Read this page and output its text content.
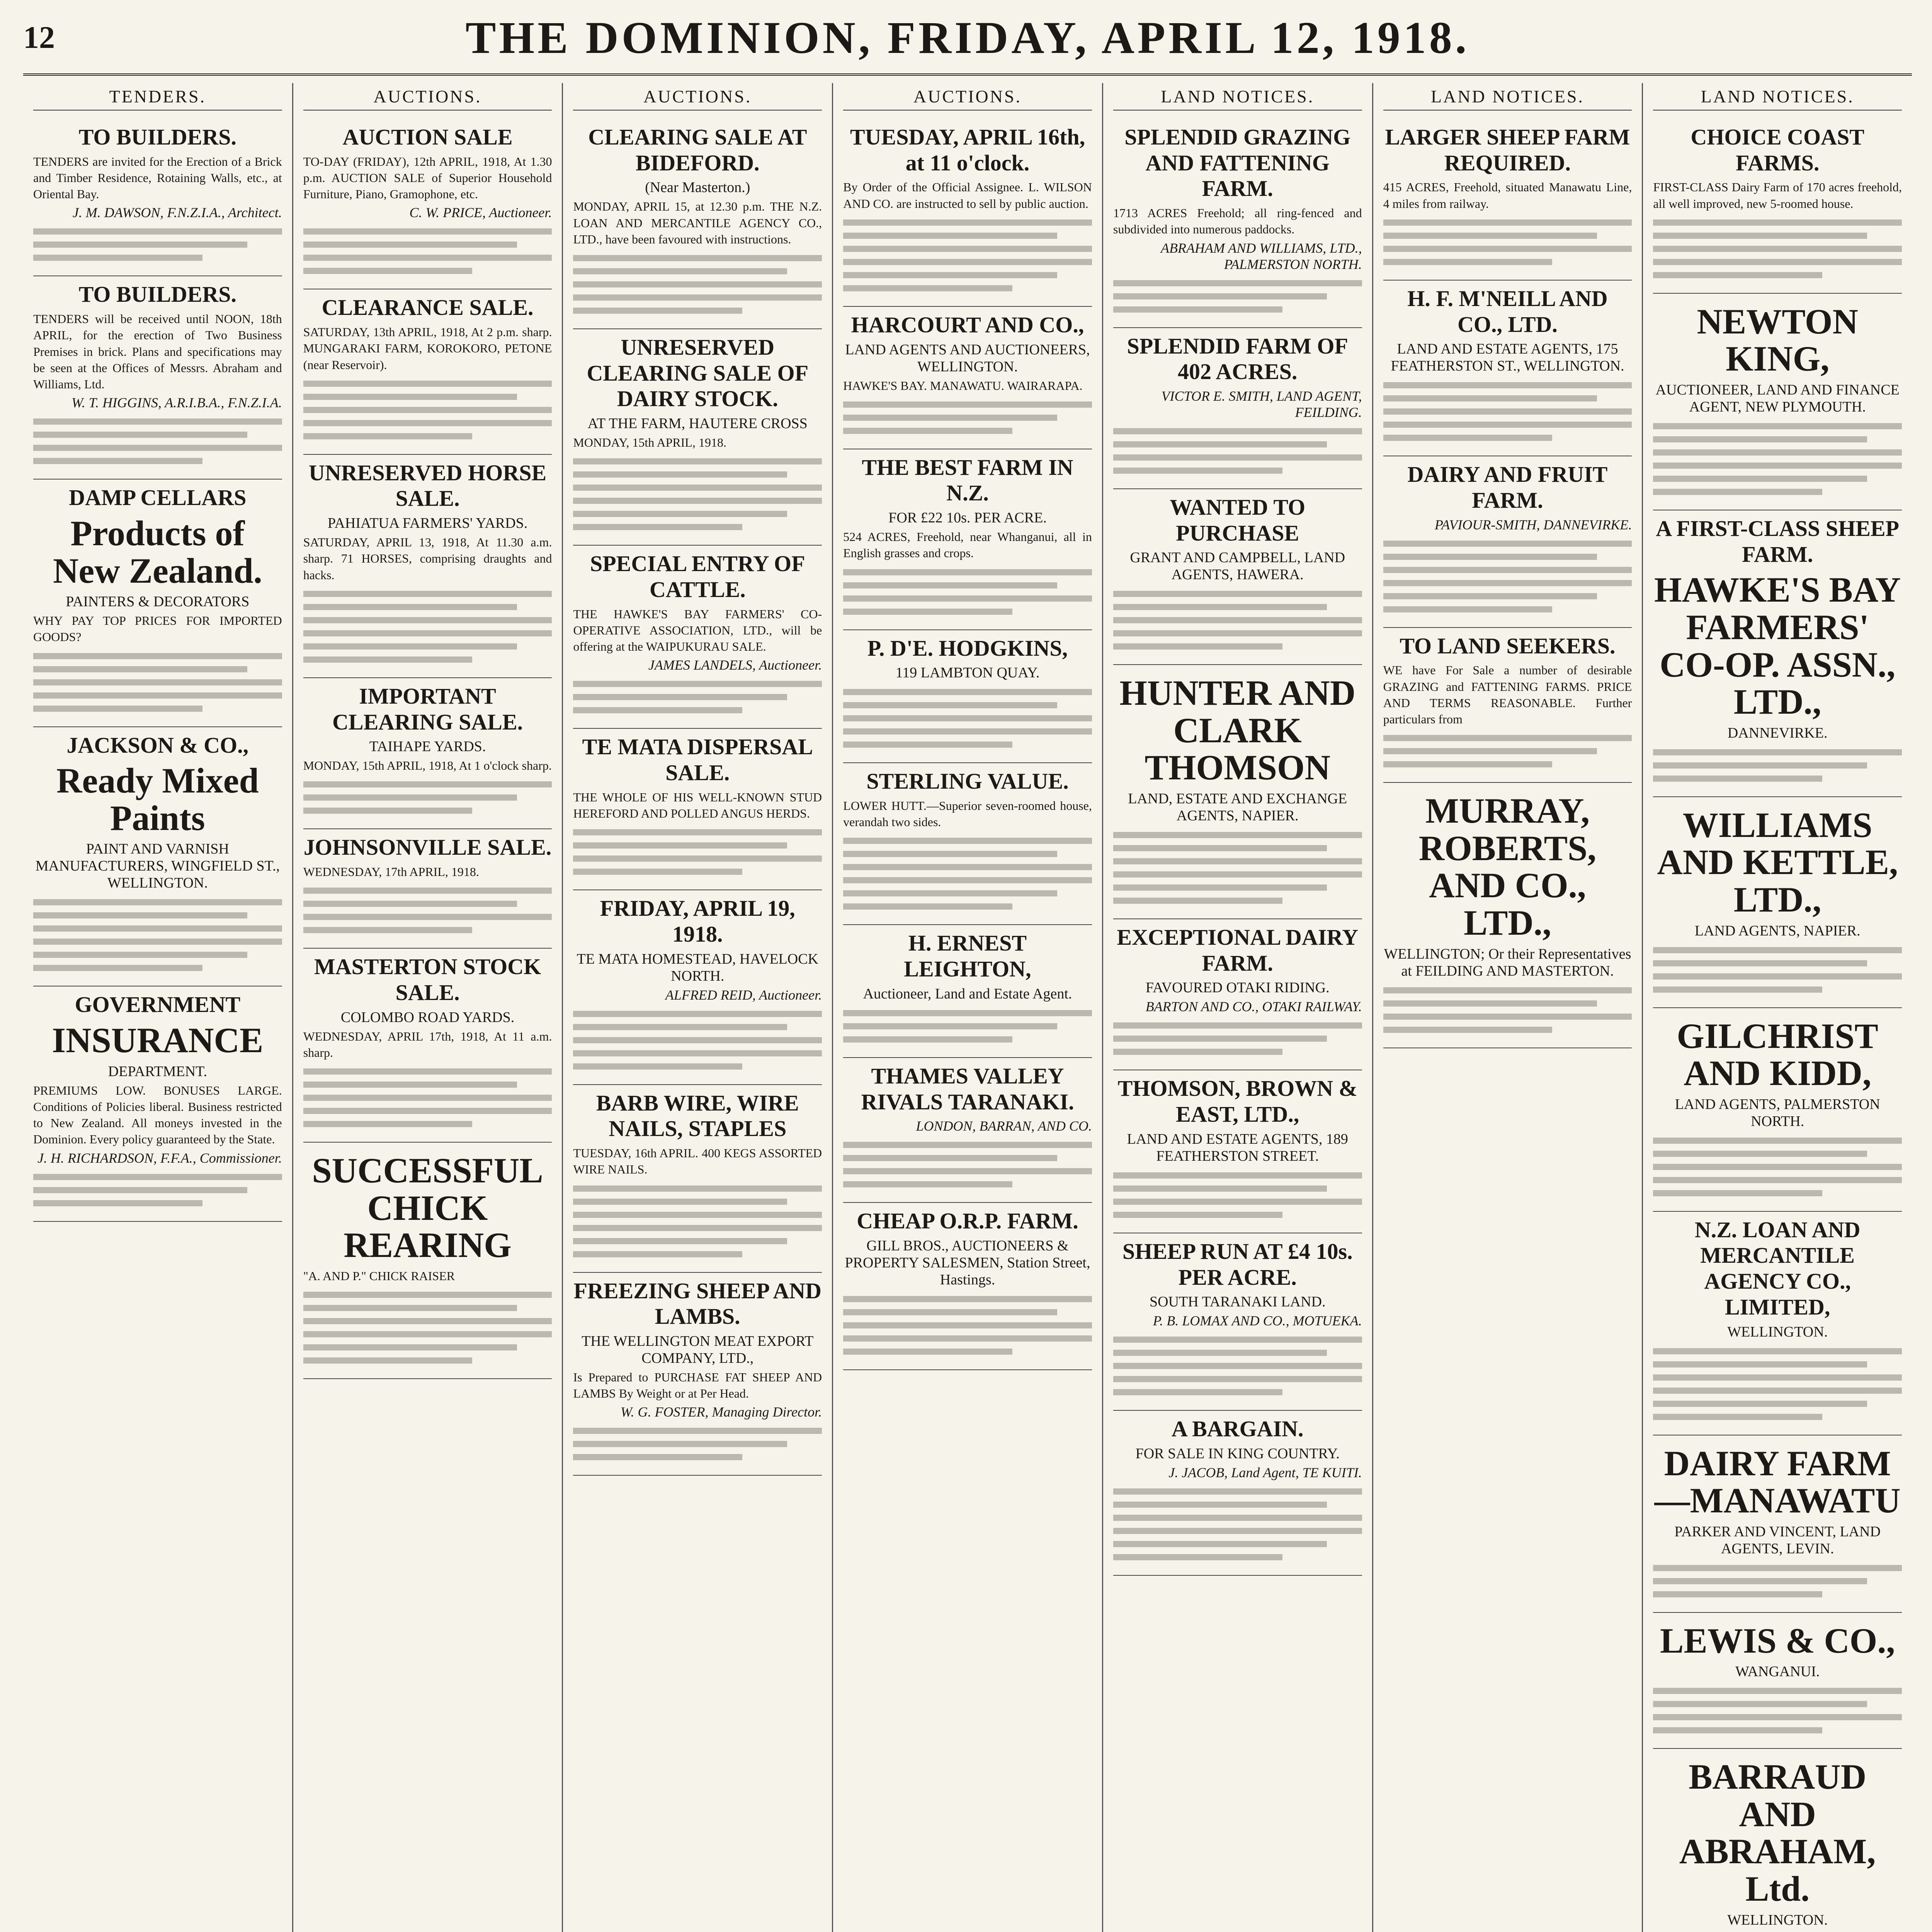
12	THE DOMINION, FRIDAY, APRIL 12, 1918.
TENDERS.
TO BUILDERS.
TENDERS are invited for the Erection of a Brick and Timber Residence, Rotaining Walls, etc., at Oriental Bay.
J. M. DAWSON, F.N.Z.I.A., Architect.
TO BUILDERS.
TENDERS will be received until NOON, 18th APRIL, for the erection of Two Business Premises in brick. Plans and specifications may be seen at the Offices of Messrs. Abraham and Williams, Ltd.
W. T. HIGGINS, A.R.I.B.A., F.N.Z.I.A.
DAMP CELLARS
Products of New Zealand.
PAINTERS & DECORATORS
WHY PAY TOP PRICES FOR IMPORTED GOODS?
JACKSON & CO.,
Ready Mixed Paints
PAINT AND VARNISH MANUFACTURERS, WINGFIELD ST., WELLINGTON.
GOVERNMENT
INSURANCE
DEPARTMENT.
PREMIUMS LOW. BONUSES LARGE. Conditions of Policies liberal. Business restricted to New Zealand. All moneys invested in the Dominion. Every policy guaranteed by the State.
J. H. RICHARDSON, F.F.A., Commissioner.
AUCTIONS.
AUCTION SALE
TO-DAY (FRIDAY), 12th APRIL, 1918, At 1.30 p.m. AUCTION SALE of Superior Household Furniture, Piano, Gramophone, etc.
C. W. PRICE, Auctioneer.
CLEARANCE SALE.
SATURDAY, 13th APRIL, 1918, At 2 p.m. sharp. MUNGARAKI FARM, KOROKORO, PETONE (near Reservoir).
UNRESERVED HORSE SALE.
PAHIATUA FARMERS' YARDS.
SATURDAY, APRIL 13, 1918, At 11.30 a.m. sharp. 71 HORSES, comprising draughts and hacks.
IMPORTANT CLEARING SALE.
TAIHAPE YARDS.
MONDAY, 15th APRIL, 1918, At 1 o'clock sharp.
JOHNSONVILLE SALE.
WEDNESDAY, 17th APRIL, 1918.
MASTERTON STOCK SALE.
COLOMBO ROAD YARDS.
WEDNESDAY, APRIL 17th, 1918, At 11 a.m. sharp.
SUCCESSFUL CHICK REARING
"A. AND P." CHICK RAISER
AUCTIONS.
CLEARING SALE AT BIDEFORD.
(Near Masterton.)
MONDAY, APRIL 15, at 12.30 p.m. THE N.Z. LOAN AND MERCANTILE AGENCY CO., LTD., have been favoured with instructions.
UNRESERVED CLEARING SALE OF DAIRY STOCK.
AT THE FARM, HAUTERE CROSS
MONDAY, 15th APRIL, 1918.
SPECIAL ENTRY OF CATTLE.
THE HAWKE'S BAY FARMERS' CO-OPERATIVE ASSOCIATION, LTD., will be offering at the WAIPUKURAU SALE.
JAMES LANDELS, Auctioneer.
TE MATA DISPERSAL SALE.
THE WHOLE OF HIS WELL-KNOWN STUD HEREFORD AND POLLED ANGUS HERDS.
FRIDAY, APRIL 19, 1918.
TE MATA HOMESTEAD, HAVELOCK NORTH.
ALFRED REID, Auctioneer.
BARB WIRE, WIRE NAILS, STAPLES
TUESDAY, 16th APRIL. 400 KEGS ASSORTED WIRE NAILS.
FREEZING SHEEP AND LAMBS.
THE WELLINGTON MEAT EXPORT COMPANY, LTD.,
Is Prepared to PURCHASE FAT SHEEP AND LAMBS By Weight or at Per Head.
W. G. FOSTER, Managing Director.
AUCTIONS.
TUESDAY, APRIL 16th, at 11 o'clock.
By Order of the Official Assignee. L. WILSON AND CO. are instructed to sell by public auction.
HARCOURT AND CO.,
LAND AGENTS AND AUCTIONEERS, WELLINGTON.
HAWKE'S BAY. MANAWATU. WAIRARAPA.
THE BEST FARM IN N.Z.
FOR £22 10s. PER ACRE.
524 ACRES, Freehold, near Whanganui, all in English grasses and crops.
P. D'E. HODGKINS,
119 LAMBTON QUAY.
STERLING VALUE.
LOWER HUTT.—Superior seven-roomed house, verandah two sides.
H. ERNEST LEIGHTON,
Auctioneer, Land and Estate Agent.
THAMES VALLEY RIVALS TARANAKI.
LONDON, BARRAN, AND CO.
CHEAP O.R.P. FARM.
GILL BROS., AUCTIONEERS & PROPERTY SALESMEN, Station Street, Hastings.
LAND NOTICES.
SPLENDID GRAZING AND FATTENING FARM.
1713 ACRES Freehold; all ring-fenced and subdivided into numerous paddocks.
ABRAHAM AND WILLIAMS, LTD., PALMERSTON NORTH.
SPLENDID FARM OF 402 ACRES.
VICTOR E. SMITH, LAND AGENT, FEILDING.
WANTED TO PURCHASE
GRANT AND CAMPBELL, LAND AGENTS, HAWERA.
HUNTER AND CLARK THOMSON
LAND, ESTATE AND EXCHANGE AGENTS, NAPIER.
EXCEPTIONAL DAIRY FARM.
FAVOURED OTAKI RIDING.
BARTON AND CO., OTAKI RAILWAY.
THOMSON, BROWN & EAST, LTD.,
LAND AND ESTATE AGENTS, 189 FEATHERSTON STREET.
SHEEP RUN AT £4 10s. PER ACRE.
SOUTH TARANAKI LAND.
P. B. LOMAX AND CO., MOTUEKA.
A BARGAIN.
FOR SALE IN KING COUNTRY.
J. JACOB, Land Agent, TE KUITI.
LAND NOTICES.
LARGER SHEEP FARM REQUIRED.
415 ACRES, Freehold, situated Manawatu Line, 4 miles from railway.
H. F. M'NEILL AND CO., LTD.
LAND AND ESTATE AGENTS, 175 FEATHERSTON ST., WELLINGTON.
DAIRY AND FRUIT FARM.
PAVIOUR-SMITH, DANNEVIRKE.
TO LAND SEEKERS.
WE have For Sale a number of desirable GRAZING and FATTENING FARMS. PRICE AND TERMS REASONABLE. Further particulars from
MURRAY, ROBERTS, AND CO., LTD.,
WELLINGTON; Or their Representatives at FEILDING AND MASTERTON.
LAND NOTICES.
CHOICE COAST FARMS.
FIRST-CLASS Dairy Farm of 170 acres freehold, all well improved, new 5-roomed house.
NEWTON KING,
AUCTIONEER, LAND AND FINANCE AGENT, NEW PLYMOUTH.
A FIRST-CLASS SHEEP FARM.
HAWKE'S BAY FARMERS' CO-OP. ASSN., LTD.,
DANNEVIRKE.
WILLIAMS AND KETTLE, LTD.,
LAND AGENTS, NAPIER.
GILCHRIST AND KIDD,
LAND AGENTS, PALMERSTON NORTH.
N.Z. LOAN AND MERCANTILE AGENCY CO., LIMITED,
WELLINGTON.
DAIRY FARM—MANAWATU
PARKER AND VINCENT, LAND AGENTS, LEVIN.
LEWIS & CO.,
WANGANUI.
BARRAUD AND ABRAHAM, Ltd.
WELLINGTON.
